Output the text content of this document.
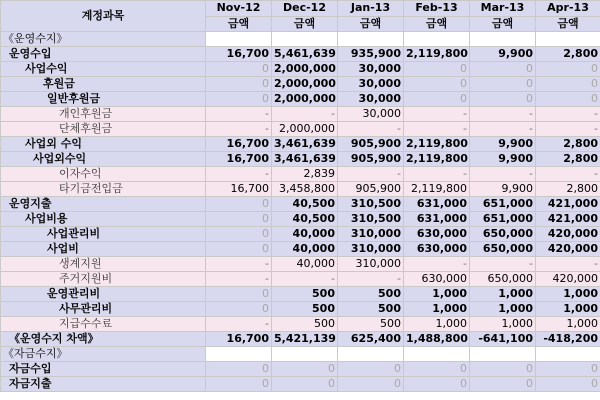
계정과목	Nov-12	Dec-12	Jan-13	Feb-13	Mar-13	Apr-13
	금액	금액	금액	금액	금액	금액
《운영수지》						
운영수입	16,700	5,461,639	935,900	2,119,800	9,900	2,800
사업수익	0	2,000,000	30,000	0	0	0
후원금	0	2,000,000	30,000	0	0	0
일반후원금	0	2,000,000	30,000	0	0	0
개인후원금	-	-	30,000	-	-	-
단체후원금	-	2,000,000	-	-	-	-
사업외 수익	16,700	3,461,639	905,900	2,119,800	9,900	2,800
사업외수익	16,700	3,461,639	905,900	2,119,800	9,900	2,800
이자수익	-	2,839	-	-	-	-
타기금전입금	16,700	3,458,800	905,900	2,119,800	9,900	2,800
운영지출	0	40,500	310,500	631,000	651,000	421,000
사업비용	0	40,500	310,500	631,000	651,000	421,000
사업관리비	0	40,000	310,000	630,000	650,000	420,000
사업비	0	40,000	310,000	630,000	650,000	420,000
생계지원	-	40,000	310,000	-	-	-
주거지원비	-	-	-	630,000	650,000	420,000
운영관리비	0	500	500	1,000	1,000	1,000
사무관리비	0	500	500	1,000	1,000	1,000
지급수수료	-	500	500	1,000	1,000	1,000
《운영수지 차액》	16,700	5,421,139	625,400	1,488,800	-641,100	-418,200
《자금수지》						
자금수입	0	0	0	0	0	0
자금지출	0	0	0	0	0	0
